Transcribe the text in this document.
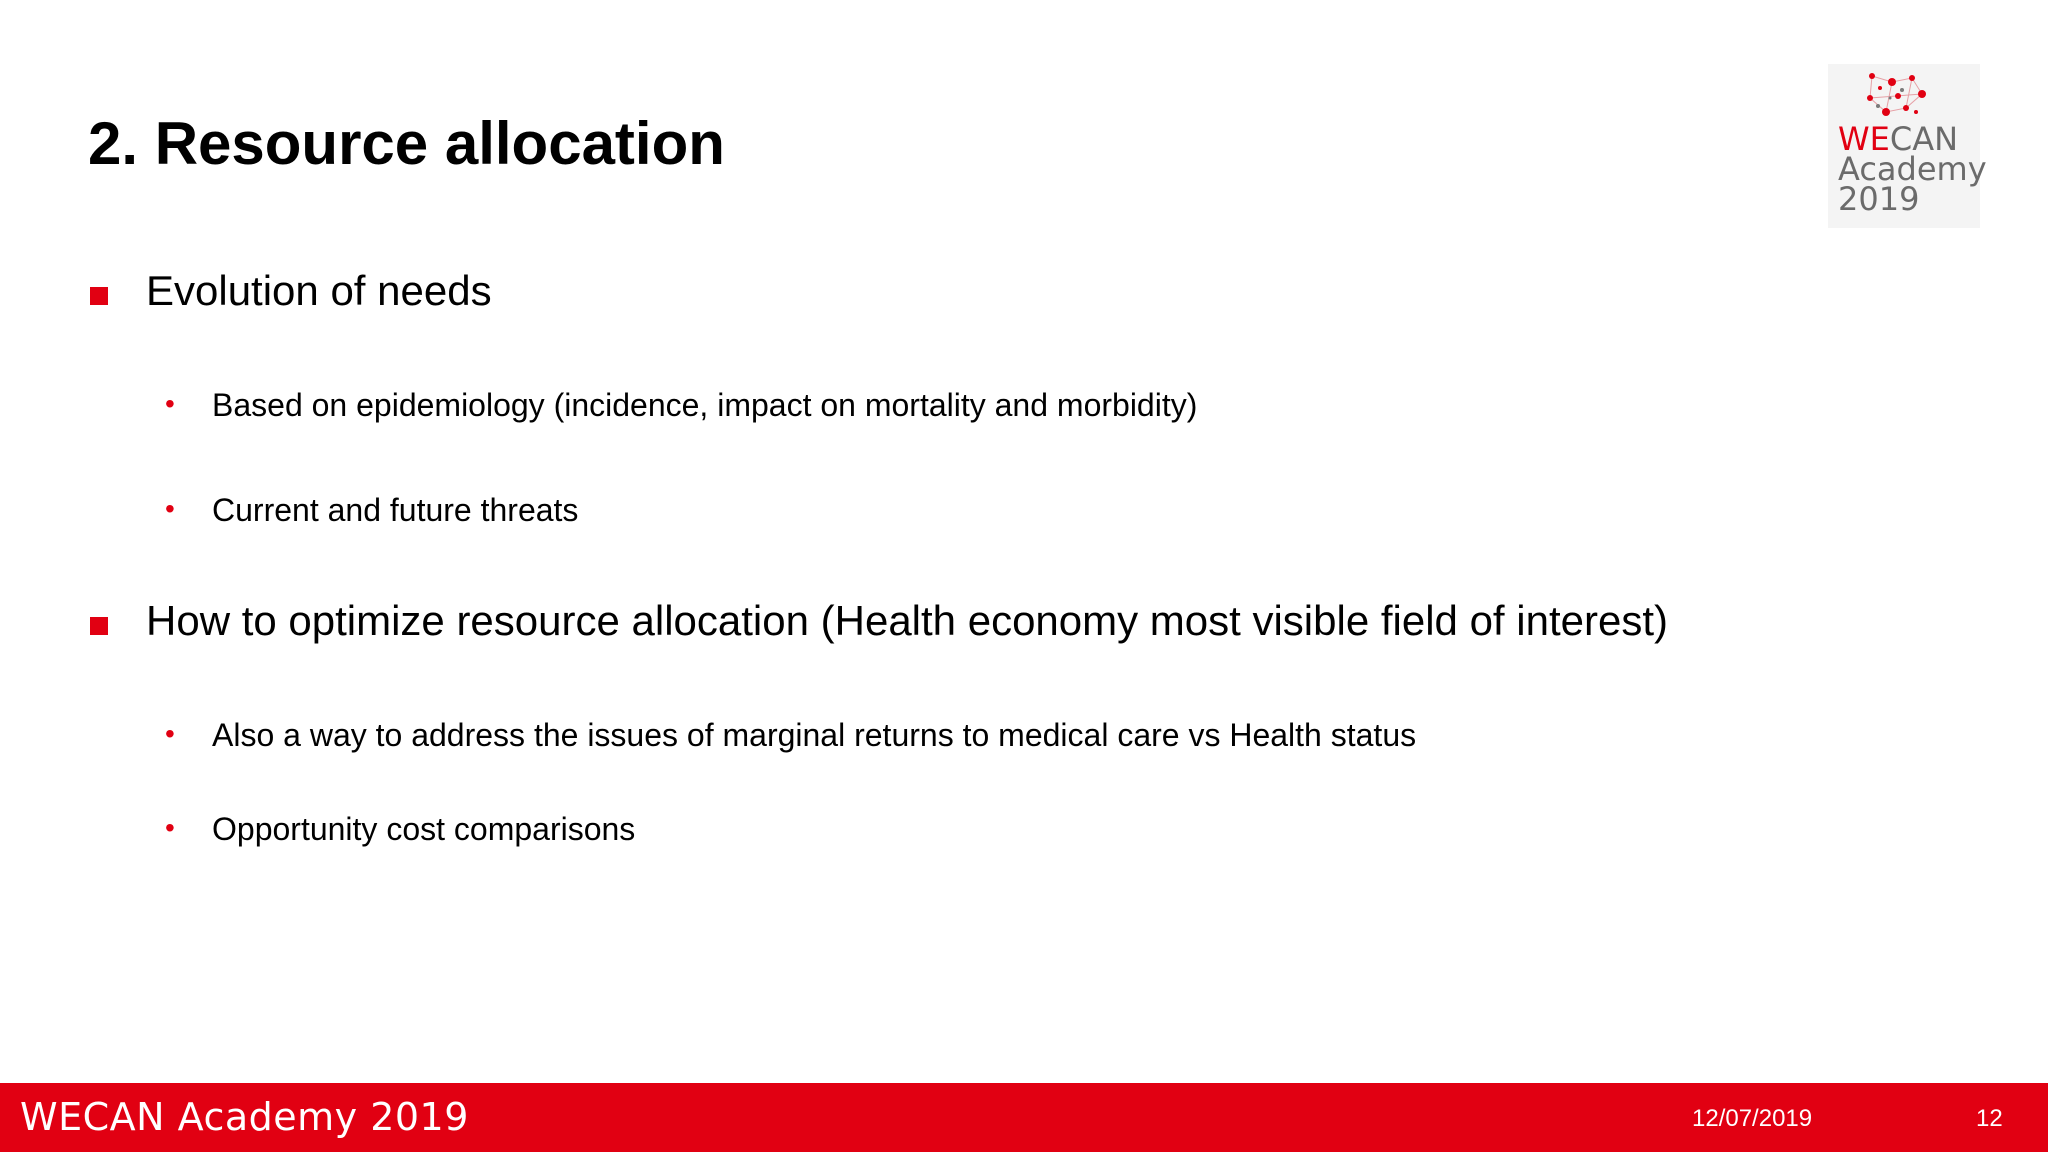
2. Resource allocation	WECAN
Academy
2019
Evolution of needs
• Based on epidemiology (incidence, impact on mortality and morbidity)
• Current and future threats
How to optimize resource allocation (Health economy most visible field of interest)
• Also a way to address the issues of marginal returns to medical care vs Health status
• Opportunity cost comparisons
WECAN Academy 2019	12/07/2019	12
